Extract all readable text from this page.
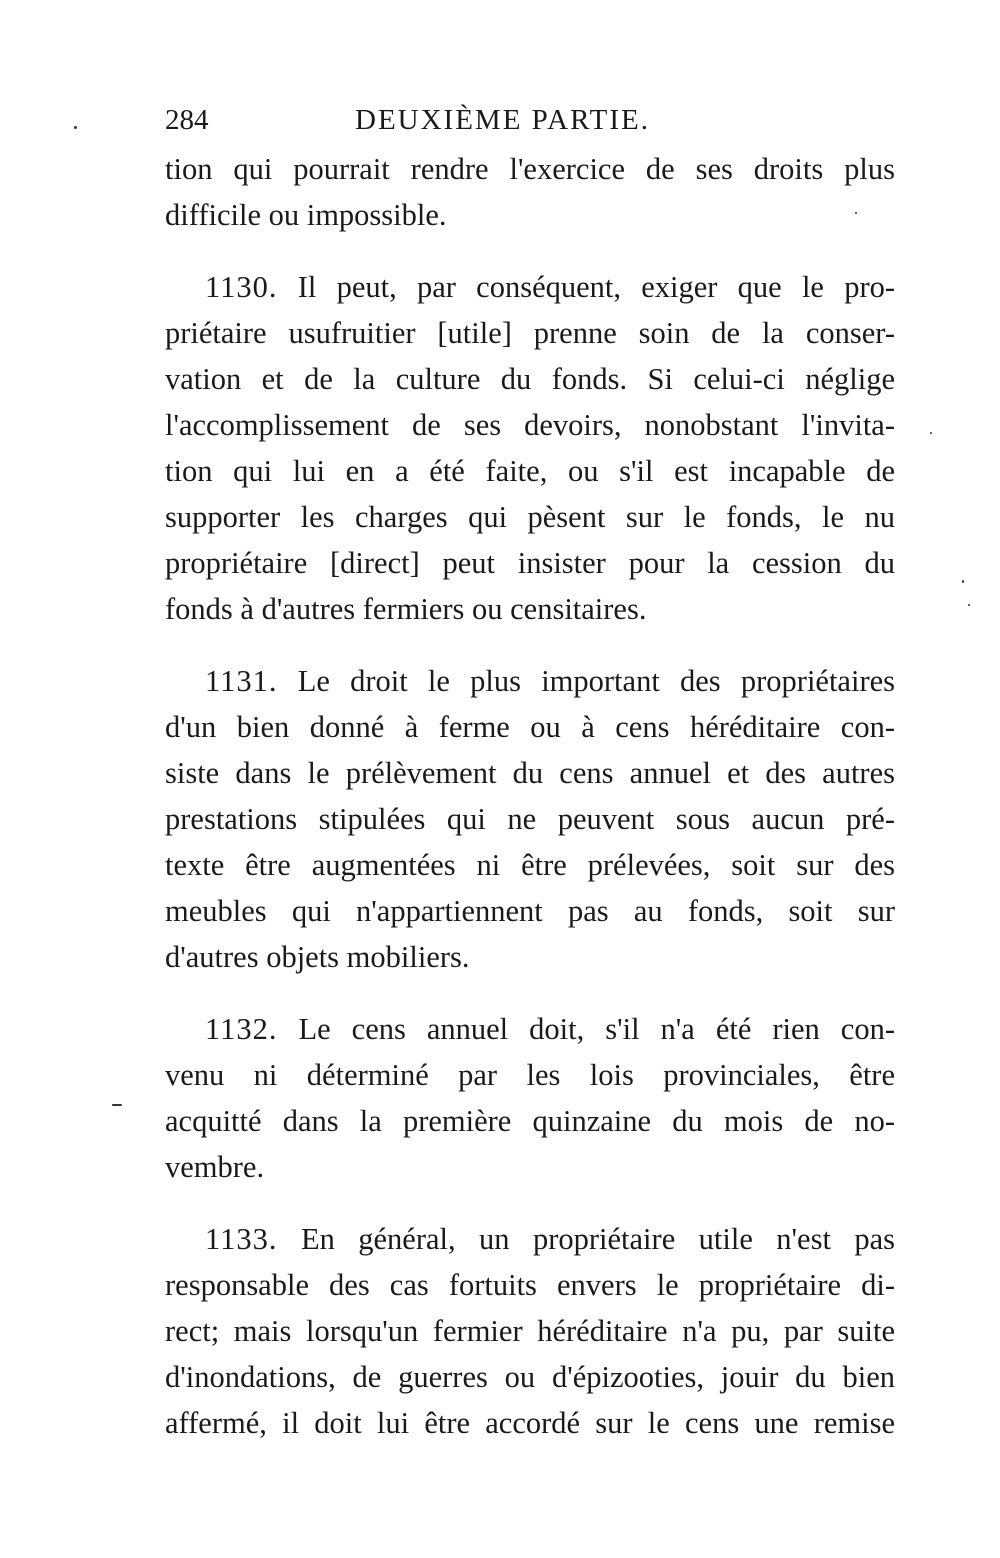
284	DEUXIÈME PARTIE.
tion qui pourrait rendre l'exercice de ses droits plus
difficile ou impossible.
1130. Il peut, par conséquent, exiger que le pro-
priétaire usufruitier [utile] prenne soin de la conser-
vation et de la culture du fonds. Si celui-ci néglige
l'accomplissement de ses devoirs, nonobstant l'invita-
tion qui lui en a été faite, ou s'il est incapable de
supporter les charges qui pèsent sur le fonds, le nu
propriétaire [direct] peut insister pour la cession du
fonds à d'autres fermiers ou censitaires.
1131. Le droit le plus important des propriétaires
d'un bien donné à ferme ou à cens héréditaire con-
siste dans le prélèvement du cens annuel et des autres
prestations stipulées qui ne peuvent sous aucun pré-
texte être augmentées ni être prélevées, soit sur des
meubles qui n'appartiennent pas au fonds, soit sur
d'autres objets mobiliers.
1132. Le cens annuel doit, s'il n'a été rien con-
venu ni déterminé par les lois provinciales, être
acquitté dans la première quinzaine du mois de no-
vembre.
1133. En général, un propriétaire utile n'est pas
responsable des cas fortuits envers le propriétaire di-
rect; mais lorsqu'un fermier héréditaire n'a pu, par suite
d'inondations, de guerres ou d'épizooties, jouir du bien
affermé, il doit lui être accordé sur le cens une remise
